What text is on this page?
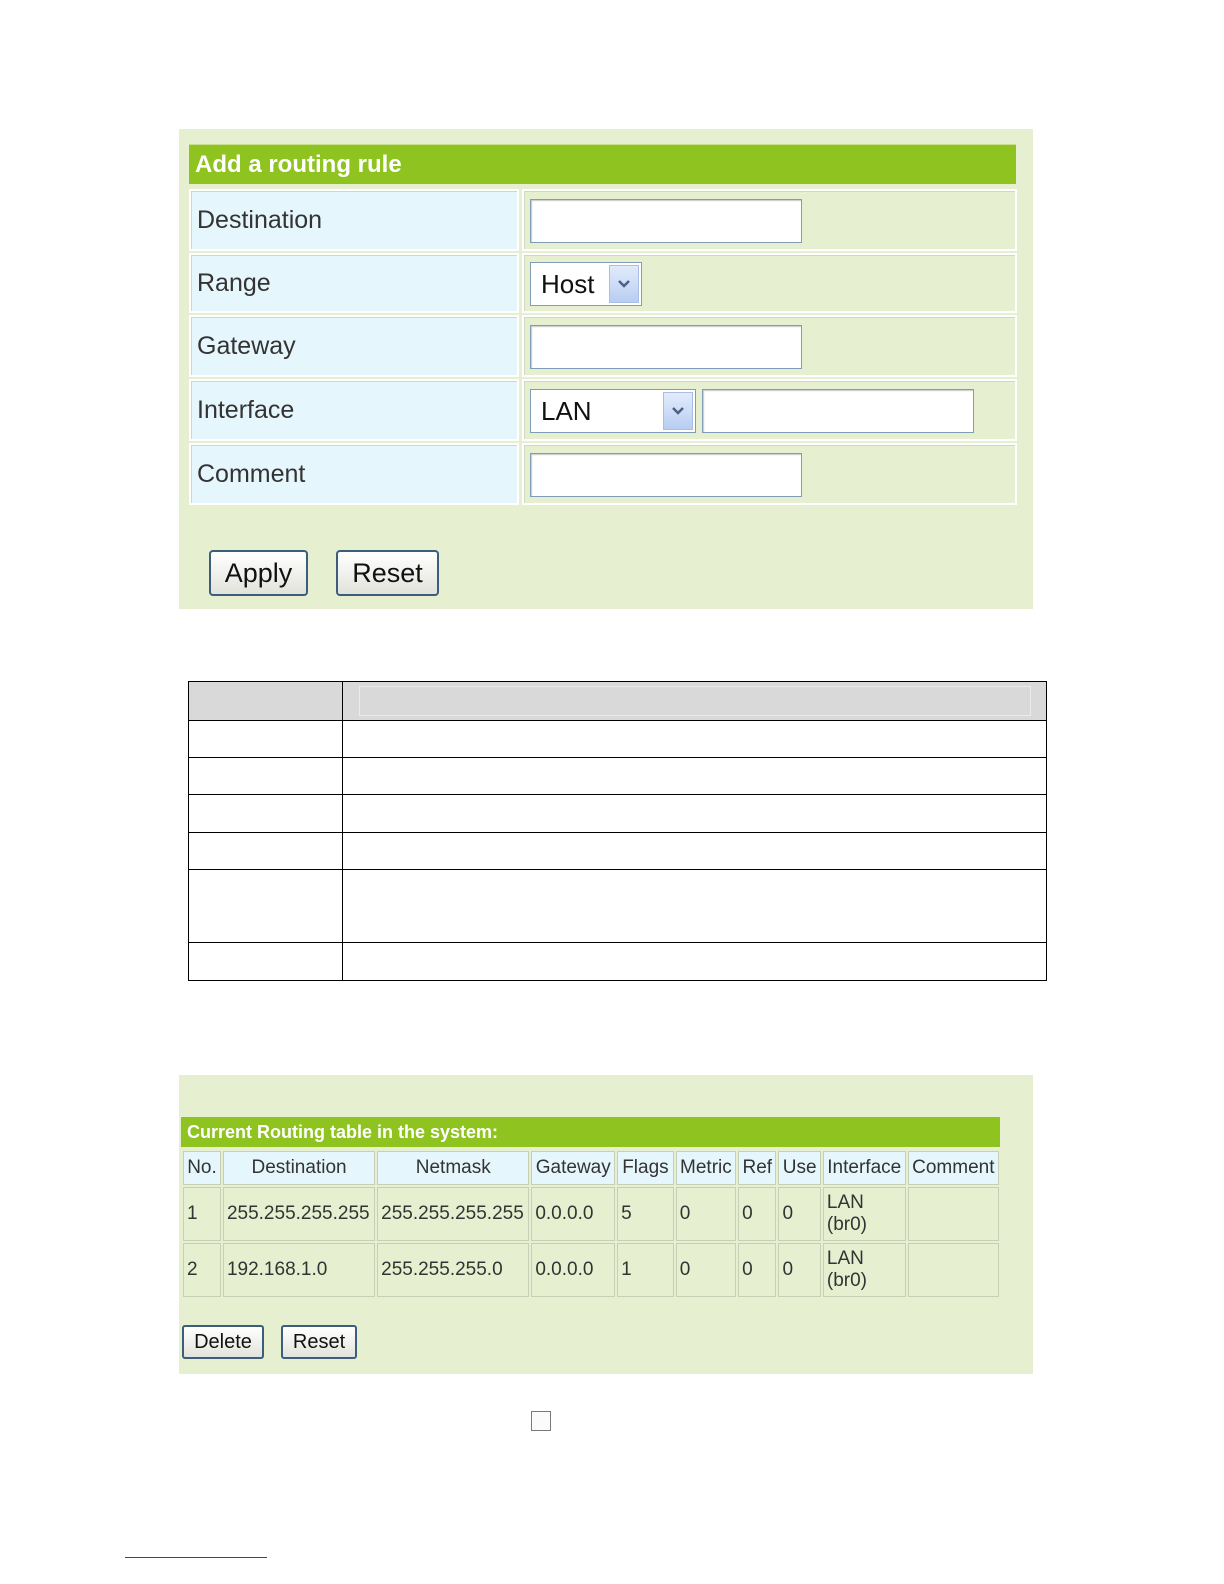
Add a routing rule
Destination
Range	Host
Gateway
Interface	LAN
Comment
Apply	Reset
Current Routing table in the system:
No.	Destination	Netmask	Gateway	Flags	Metric	Ref	Use	Interface	Comment
1	255.255.255.255	255.255.255.255	0.0.0.0	5	0	0	0	LAN
(br0)	

2	192.168.1.0	255.255.255.0	0.0.0.0	1	0	0	0	LAN
(br0)	

Delete	Reset
